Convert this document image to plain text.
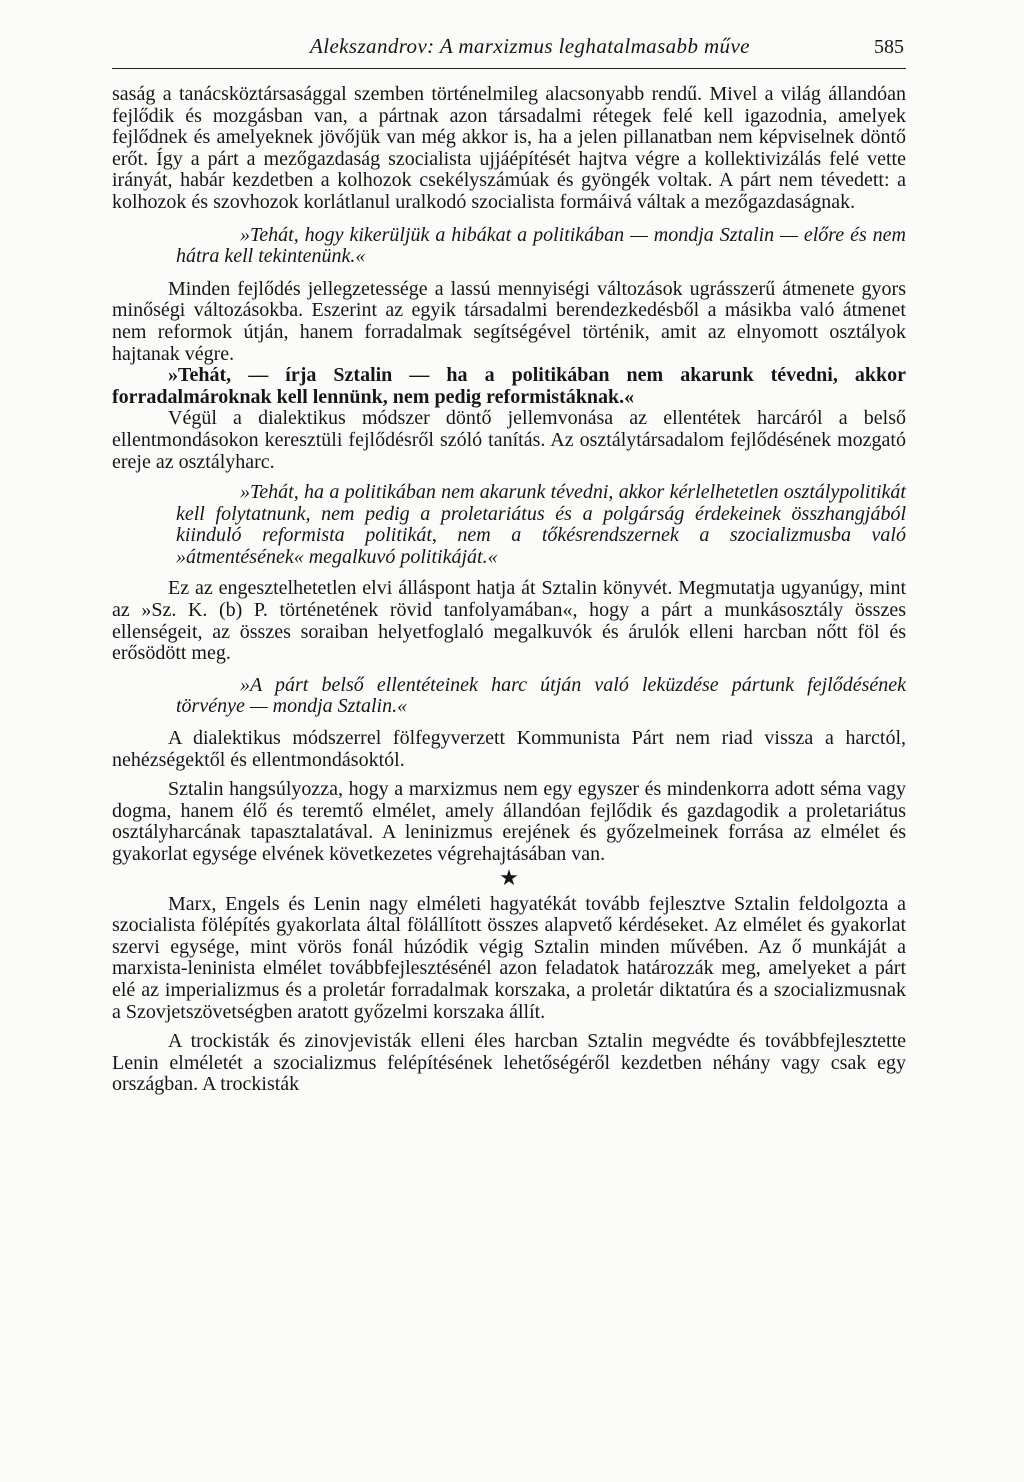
Alekszandrov: A marxizmus leghatalmasabb műve	585

saság a tanácsköztársasággal szemben történelmileg alacsonyabb rendű. Mivel a világ állandóan fejlődik és mozgásban van, a pártnak azon társadalmi rétegek felé kell igazodnia, amelyek fejlődnek és amelyeknek jövőjük van még akkor is, ha a jelen pillanatban nem képviselnek döntő erőt. Így a párt a mezőgazdaság szocialista ujjáépítését hajtva végre a kollektivizálás felé vette irányát, habár kezdetben a kolhozok csekélyszámúak és gyöngék voltak. A párt nem tévedett: a kolhozok és szovhozok korlátlanul uralkodó szocialista formáivá váltak a mezőgazdaságnak.

»Tehát, hogy kikerüljük a hibákat a politikában — mondja Sztalin — előre és nem hátra kell tekintenünk.«

Minden fejlődés jellegzetessége a lassú mennyiségi változások ugrásszerű átmenete gyors minőségi változásokba. Eszerint az egyik társadalmi berendezkedésből a másikba való átmenet nem reformok útján, hanem forradalmak segítségével történik, amit az elnyomott osztályok hajtanak végre.

»Tehát, — írja Sztalin — ha a politikában nem akarunk tévedni, akkor forradalmároknak kell lennünk, nem pedig reformistáknak.«

Végül a dialektikus módszer döntő jellemvonása az ellentétek harcáról a belső ellentmondásokon keresztüli fejlődésről szóló tanítás. Az osztálytársadalom fejlődésének mozgató ereje az osztályharc.

»Tehát, ha a politikában nem akarunk tévedni, akkor kérlelhetetlen osztálypolitikát kell folytatnunk, nem pedig a proletariátus és a polgárság érdekeinek összhangjából kiinduló reformista politikát, nem a tőkésrendszernek a szocializmusba való »átmentésének« megalkuvó politikáját.«

Ez az engesztelhetetlen elvi álláspont hatja át Sztalin könyvét. Megmutatja ugyanúgy, mint az »Sz. K. (b) P. történetének rövid tanfolyamában«, hogy a párt a munkásosztály összes ellenségeit, az összes soraiban helyetfoglaló megalkuvók és árulók elleni harcban nőtt föl és erősödött meg.

»A párt belső ellentéteinek harc útján való leküzdése pártunk fejlődésének törvénye — mondja Sztalin.«

A dialektikus módszerrel fölfegyverzett Kommunista Párt nem riad vissza a harctól, nehézségektől és ellentmondásoktól.

Sztalin hangsúlyozza, hogy a marxizmus nem egy egyszer és mindenkorra adott séma vagy dogma, hanem élő és teremtő elmélet, amely állandóan fejlődik és gazdagodik a proletariátus osztályharcának tapasztalatával. A leninizmus erejének és győzelmeinek forrása az elmélet és gyakorlat egysége elvének következetes végrehajtásában van.

★

Marx, Engels és Lenin nagy elméleti hagyatékát tovább fejlesztve Sztalin feldolgozta a szocialista fölépítés gyakorlata által fölállított összes alapvető kérdéseket. Az elmélet és gyakorlat szervi egysége, mint vörös fonál húzódik végig Sztalin minden művében. Az ő munkáját a marxista-leninista elmélet továbbfejlesztésénél azon feladatok határozzák meg, amelyeket a párt elé az imperializmus és a proletár forradalmak korszaka, a proletár diktatúra és a szocializmusnak a Szovjetszövetségben aratott győzelmi korszaka állít.

A trockisták és zinovjevisták elleni éles harcban Sztalin megvédte és továbbfejlesztette Lenin elméletét a szocializmus felépítésének lehetőségéről kezdetben néhány vagy csak egy országban. A trockisták
